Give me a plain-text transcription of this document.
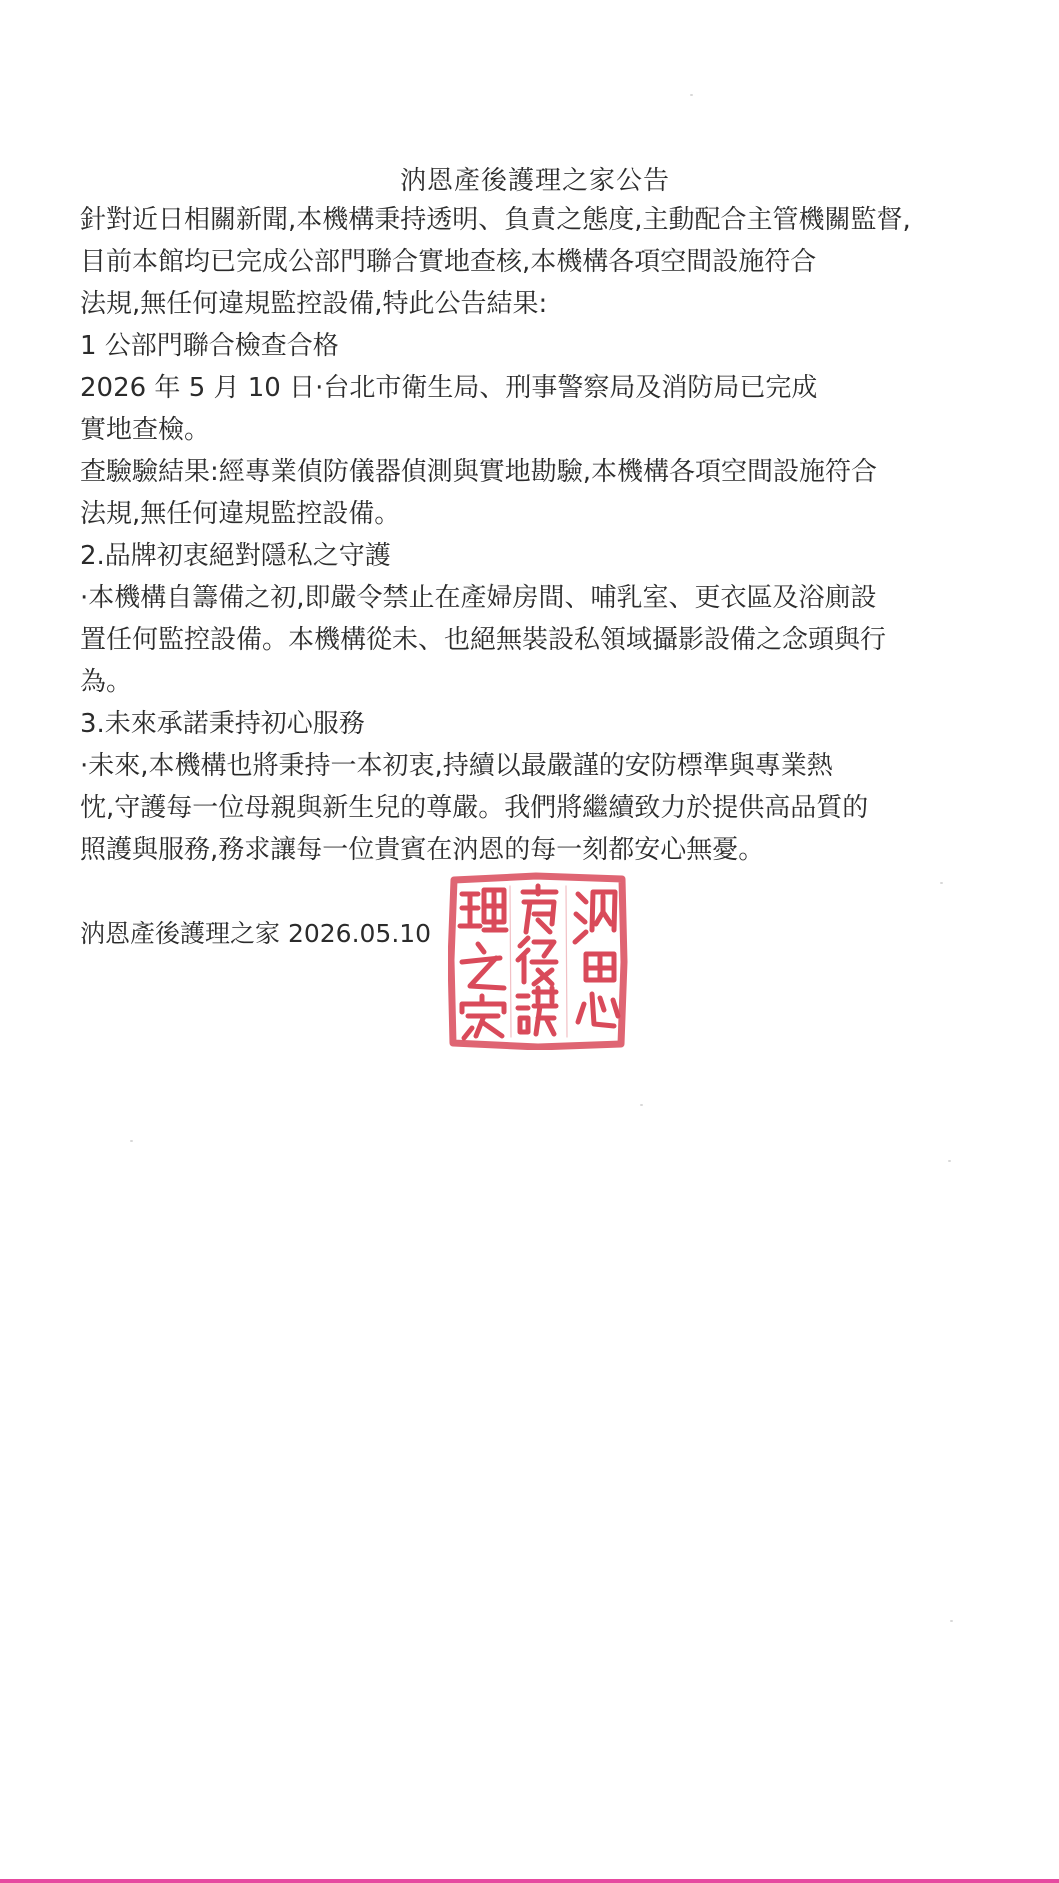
汭恩產後護理之家公告
針對近日相關新聞,本機構秉持透明、負責之態度,主動配合主管機關監督,
目前本館均已完成公部門聯合實地查核,本機構各項空間設施符合
法規,無任何違規監控設備,特此公告結果:
1 公部門聯合檢查合格
2026 年 5 月 10 日·台北市衛生局、刑事警察局及消防局已完成
實地查檢。
查驗驗結果:經專業偵防儀器偵測與實地勘驗,本機構各項空間設施符合
法規,無任何違規監控設備。
2.品牌初衷絕對隱私之守護
·本機構自籌備之初,即嚴令禁止在產婦房間、哺乳室、更衣區及浴廁設
置任何監控設備。本機構從未、也絕無裝設私領域攝影設備之念頭與行
為。
3.未來承諾秉持初心服務
·未來,本機構也將秉持一本初衷,持續以最嚴謹的安防標準與專業熱
忱,守護每一位母親與新生兒的尊嚴。我們將繼續致力於提供高品質的
照護與服務,務求讓每一位貴賓在汭恩的每一刻都安心無憂。
汭恩產後護理之家 2026.05.10
